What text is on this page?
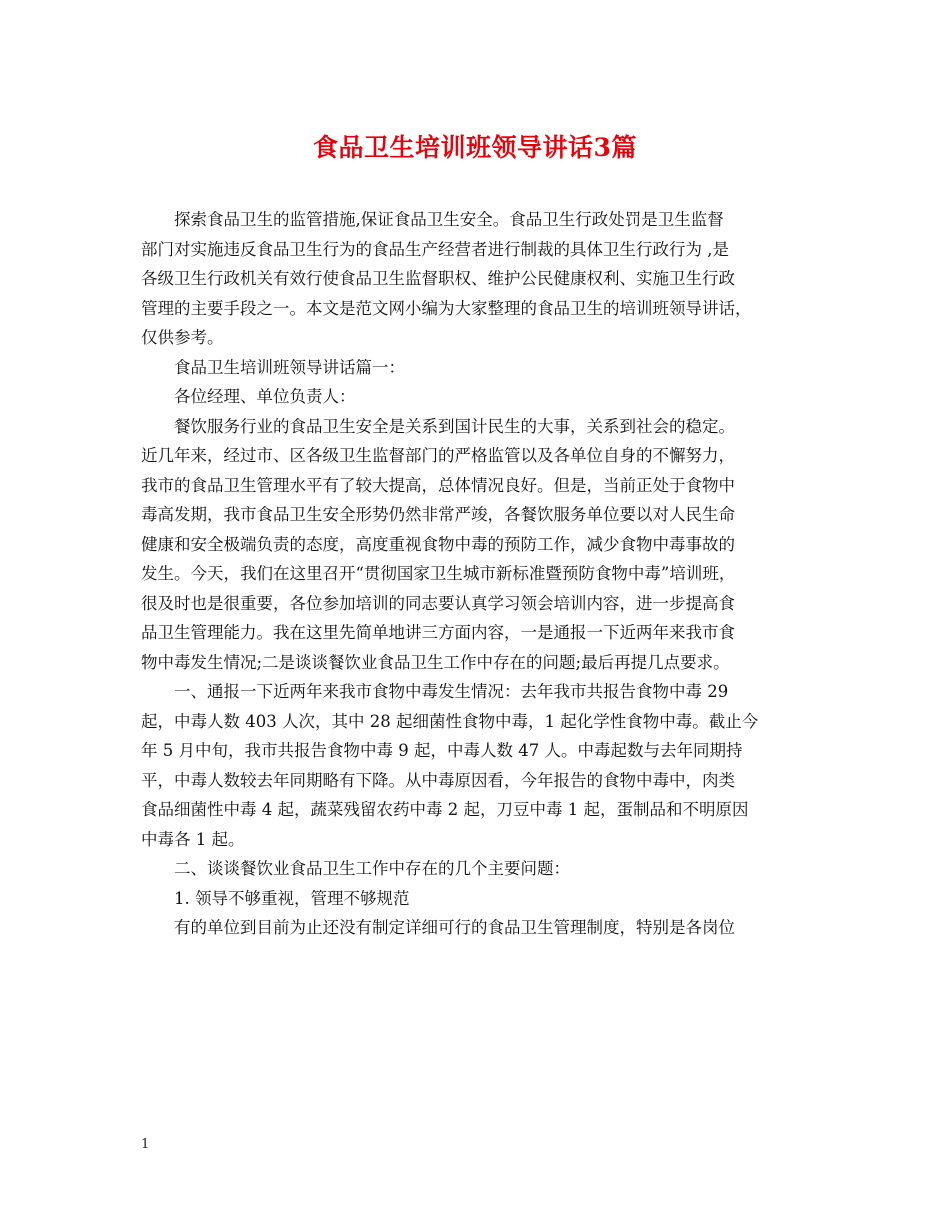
食品卫生培训班领导讲话3篇
探索食品卫生的监管措施,保证食品卫生安全。食品卫生行政处罚是卫生监督
部门对实施违反食品卫生行为的食品生产经营者进行制裁的具体卫生行政行为 ,是
各级卫生行政机关有效行使食品卫生监督职权、维护公民健康权利、实施卫生行政
管理的主要手段之一。本文是范文网小编为大家整理的食品卫生的培训班领导讲话，
仅供参考。
食品卫生培训班领导讲话篇一：
各位经理、单位负责人：
餐饮服务行业的食品卫生安全是关系到国计民生的大事，关系到社会的稳定。
近几年来，经过市、区各级卫生监督部门的严格监管以及各单位自身的不懈努力，
我市的食品卫生管理水平有了较大提高，总体情况良好。但是，当前正处于食物中
毒高发期，我市食品卫生安全形势仍然非常严竣，各餐饮服务单位要以对人民生命
健康和安全极端负责的态度，高度重视食物中毒的预防工作，减少食物中毒事故的
发生。今天，我们在这里召开“贯彻国家卫生城市新标准暨预防食物中毒”培训班，
很及时也是很重要，各位参加培训的同志要认真学习领会培训内容，进一步提高食
品卫生管理能力。我在这里先简单地讲三方面内容，一是通报一下近两年来我市食
物中毒发生情况;二是谈谈餐饮业食品卫生工作中存在的问题;最后再提几点要求。
一、通报一下近两年来我市食物中毒发生情况：去年我市共报告食物中毒 29
起，中毒人数 403 人次，其中 28 起细菌性食物中毒，1 起化学性食物中毒。截止今
年 5 月中旬，我市共报告食物中毒 9 起，中毒人数 47 人。中毒起数与去年同期持
平，中毒人数较去年同期略有下降。从中毒原因看，今年报告的食物中毒中，肉类
食品细菌性中毒 4 起，蔬菜残留农药中毒 2 起，刀豆中毒 1 起，蛋制品和不明原因
中毒各 1 起。
二、谈谈餐饮业食品卫生工作中存在的几个主要问题：
1. 领导不够重视，管理不够规范
有的单位到目前为止还没有制定详细可行的食品卫生管理制度，特别是各岗位
1
